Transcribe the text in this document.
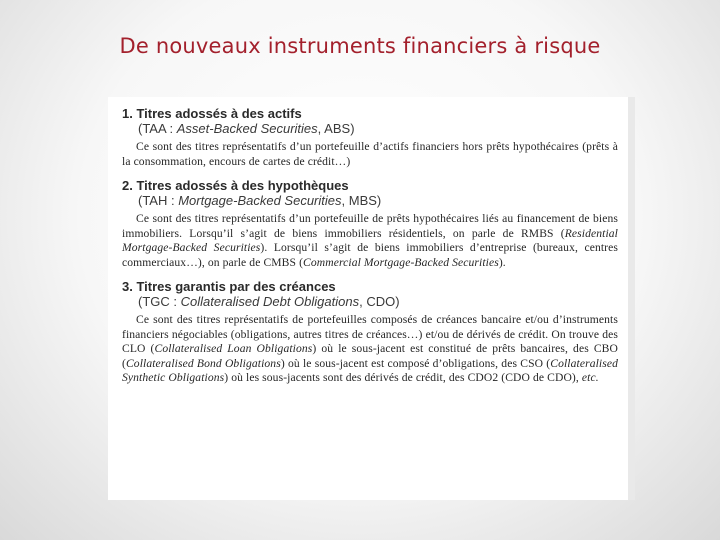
De nouveaux instruments financiers à risque
1. Titres adossés à des actifs
(TAA : Asset-Backed Securities, ABS)
Ce sont des titres représentatifs d’un portefeuille d’actifs financiers hors prêts hypothécaires (prêts à la consommation, encours de cartes de crédit…)
2. Titres adossés à des hypothèques
(TAH : Mortgage-Backed Securities, MBS)
Ce sont des titres représentatifs d’un portefeuille de prêts hypothécaires liés au financement de biens immobiliers. Lorsqu’il s’agit de biens immobiliers résidentiels, on parle de RMBS (Residential Mortgage-Backed Securities). Lorsqu’il s’agit de biens immobiliers d’entreprise (bureaux, centres commerciaux…), on parle de CMBS (Commercial Mortgage-Backed Securities).
3. Titres garantis par des créances
(TGC : Collateralised Debt Obligations, CDO)
Ce sont des titres représentatifs de portefeuilles composés de créances bancaire et/ou d’instruments financiers négociables (obligations, autres titres de créances…) et/ou de dérivés de crédit. On trouve des CLO (Collateralised Loan Obligations) où le sous-jacent est constitué de prêts bancaires, des CBO (Collateralised Bond Obligations) où le sous-jacent est composé d’obligations, des CSO (Collateralised Synthetic Obligations) où les sous-jacents sont des dérivés de crédit, des CDO2 (CDO de CDO), etc.
